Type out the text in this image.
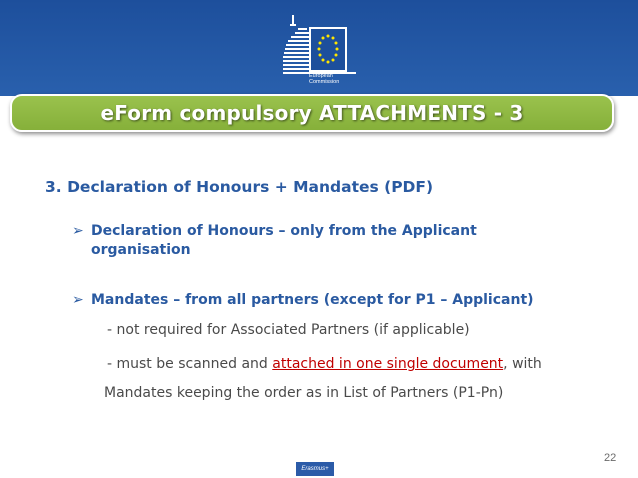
European
Commission
eForm compulsory ATTACHMENTS - 3
3. Declaration of Honours + Mandates (PDF)
➢ Declaration of Honours – only from the Applicant organisation
➢ Mandates – from all partners (except for P1 – Applicant)
- not required for Associated Partners (if applicable)
- must be scanned and attached in one single document, with
Mandates keeping the order as in List of Partners (P1-Pn)
22
Erasmus+
